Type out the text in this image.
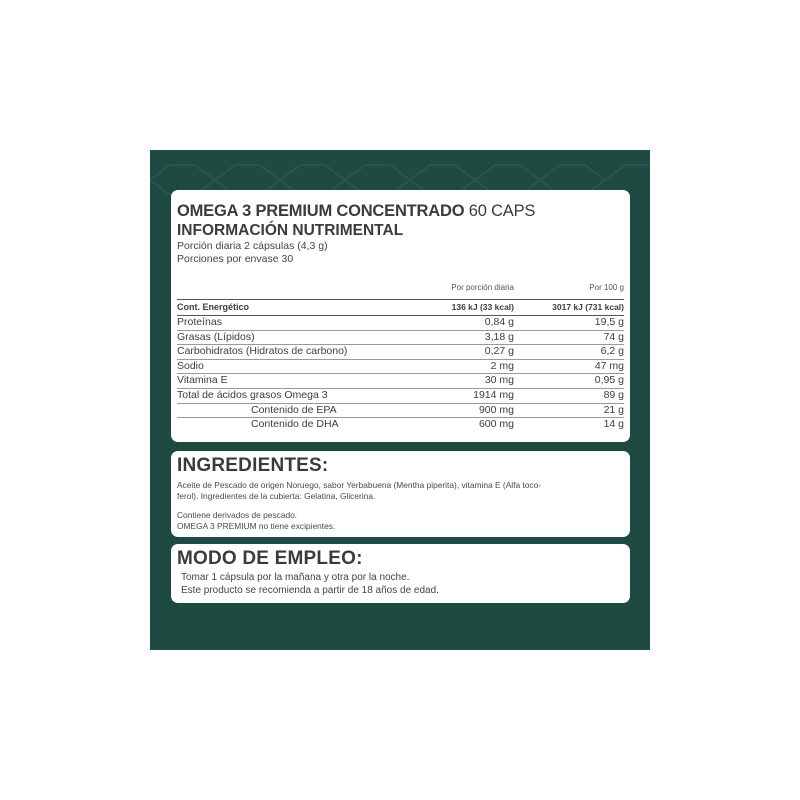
OMEGA 3 PREMIUM CONCENTRADO 60 CAPS
INFORMACIÓN NUTRIMENTAL
Porción diaria 2 cápsulas (4,3 g)
Porciones por envase 30
	Por porción diaria	Por 100 g
Cont. Energético	136 kJ (33 kcal)	3017 kJ (731 kcal)
Proteínas	0,84 g	19,5 g
Grasas (Lípidos)	3,18 g	74 g
Carbohidratos (Hidratos de carbono)	0,27 g	6,2 g
Sodio	2 mg	47 mg
Vitamina E	30 mg	0,95 g
Total de ácidos grasos Omega 3	1914 mg	89 g
Contenido de EPA	900 mg	21 g
Contenido de DHA	600 mg	14 g
INGREDIENTES:
Aceite de Pescado de origen Noruego, sabor Yerbabuena (Mentha piperita), vitamina E (Alfa toco-
ferol). Ingredientes de la cubierta: Gelatina, Glicerina.
Contiene derivados de pescado.
OMEGA 3 PREMIUM no tiene excipientes.
MODO DE EMPLEO:
Tomar 1 cápsula por la mañana y otra por la noche.
Este producto se recomienda a partir de 18 años de edad.
